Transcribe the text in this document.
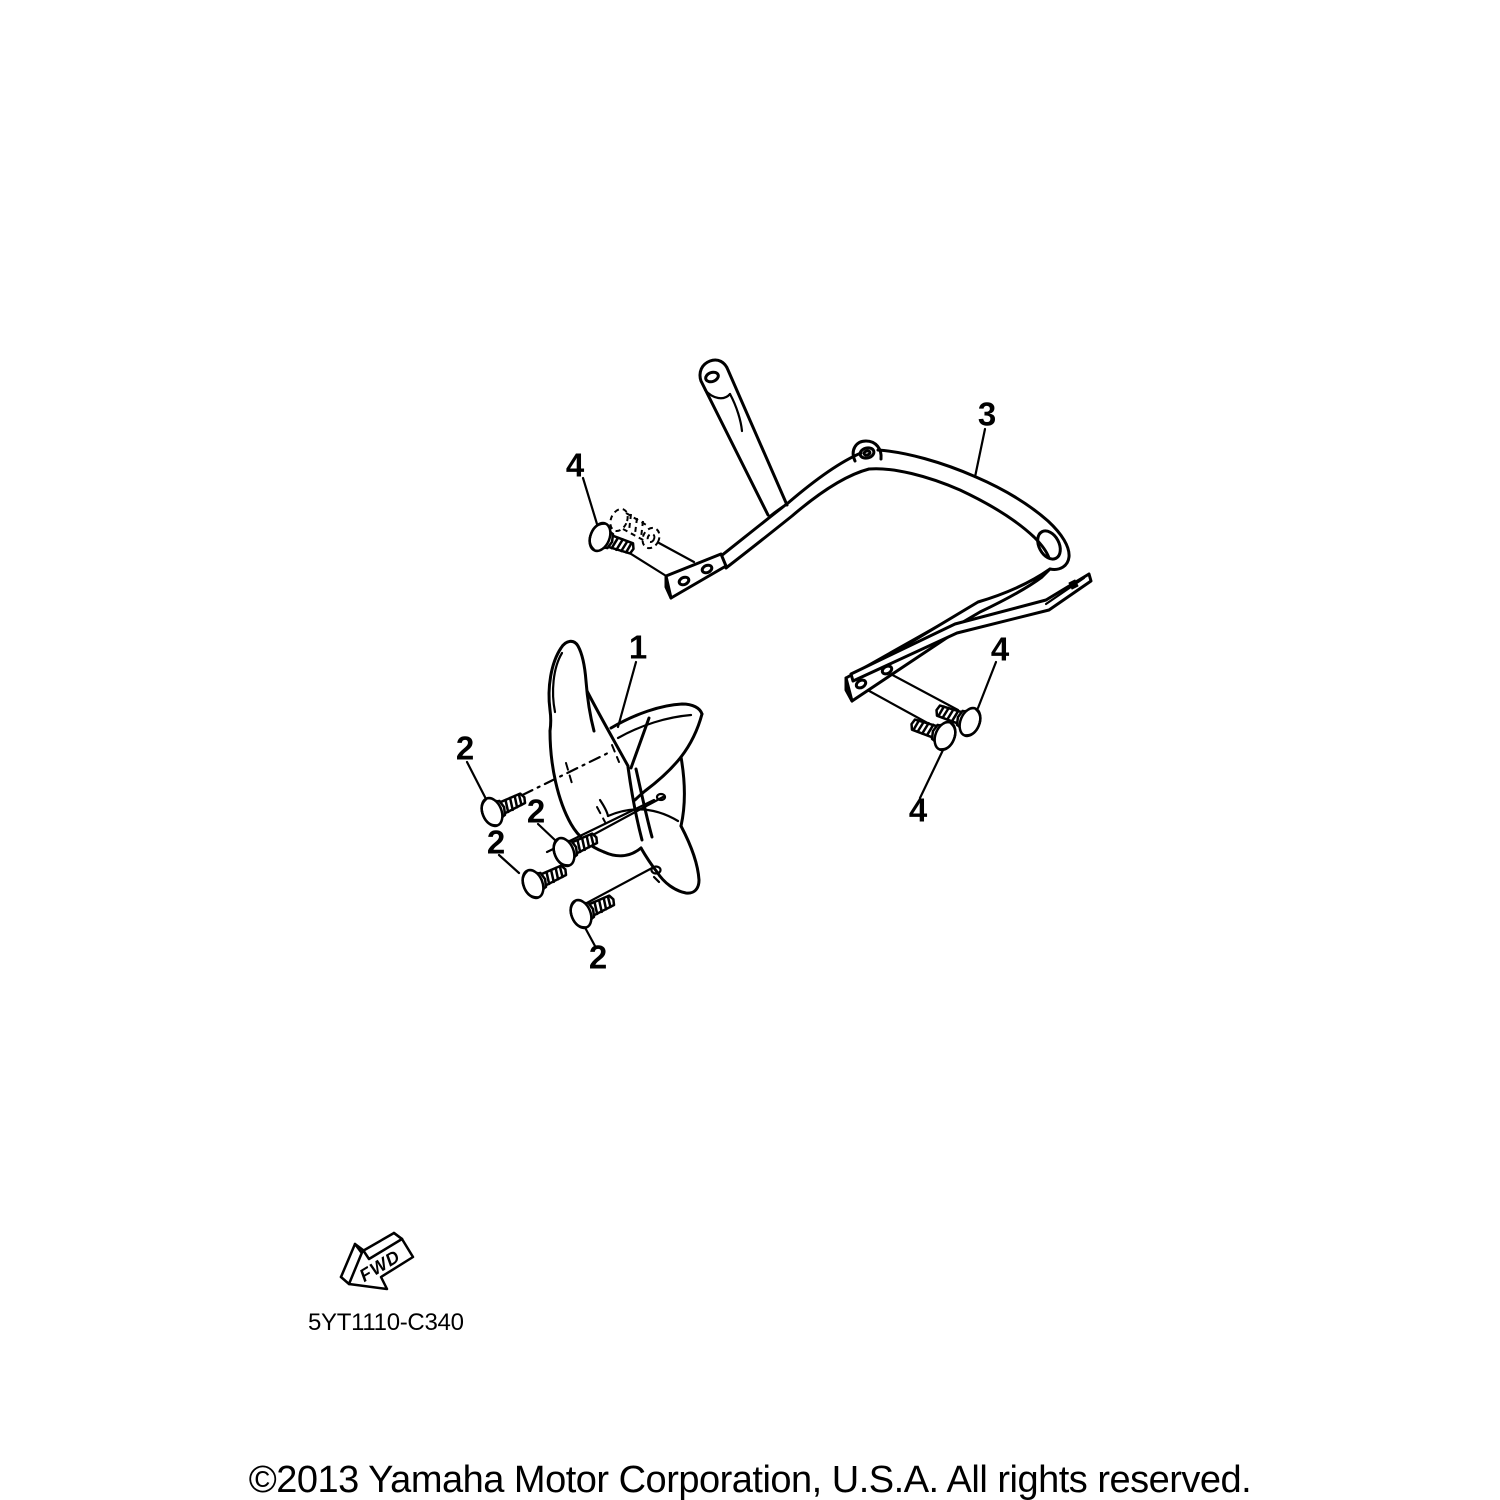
FWD
1
2
2
2
2
3
4
4
4
5YT1110-C340
©2013 Yamaha Motor Corporation, U.S.A. All rights reserved.
